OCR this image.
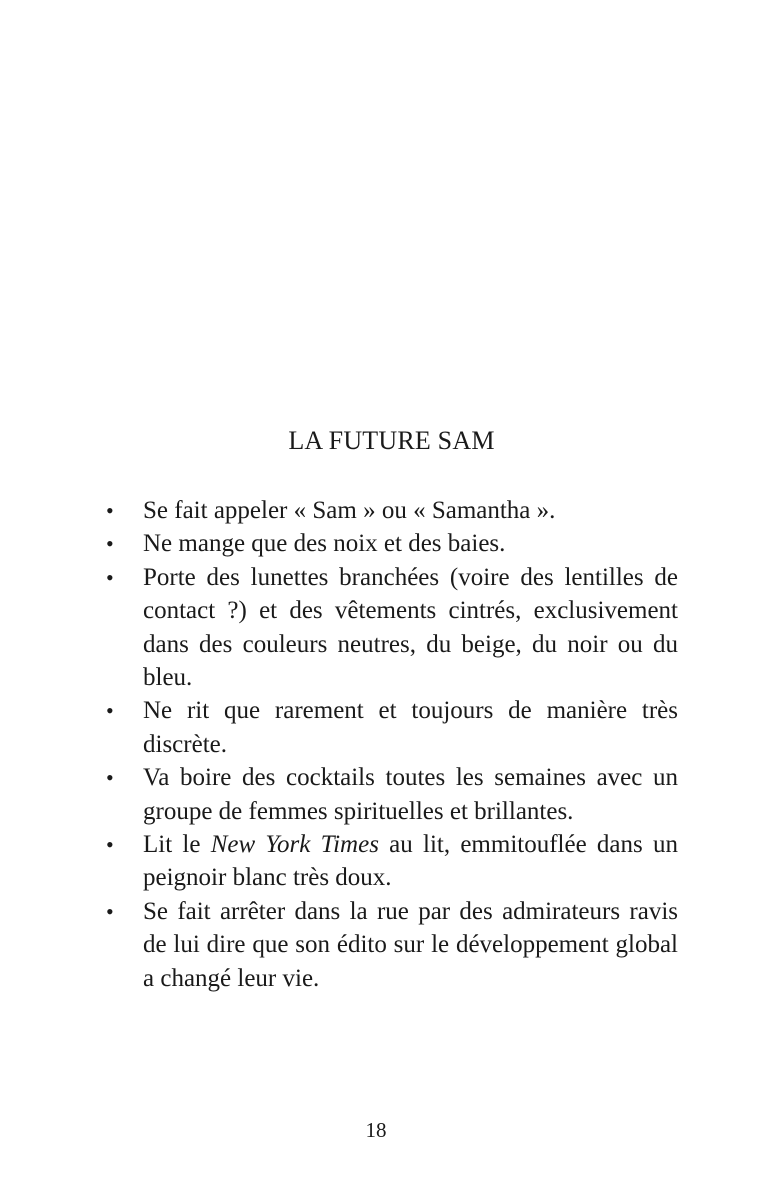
LA FUTURE SAM
• Se fait appeler « Sam » ou « Samantha ».
• Ne mange que des noix et des baies.
• Porte des lunettes branchées (voire des lentilles de contact ?) et des vêtements cintrés, exclusivement dans des couleurs neutres, du beige, du noir ou du bleu.
• Ne rit que rarement et toujours de manière très discrète.
• Va boire des cocktails toutes les semaines avec un groupe de femmes spirituelles et brillantes.
• Lit le New York Times au lit, emmitouflée dans un peignoir blanc très doux.
• Se fait arrêter dans la rue par des admirateurs ravis de lui dire que son édito sur le développement global a changé leur vie.
18
